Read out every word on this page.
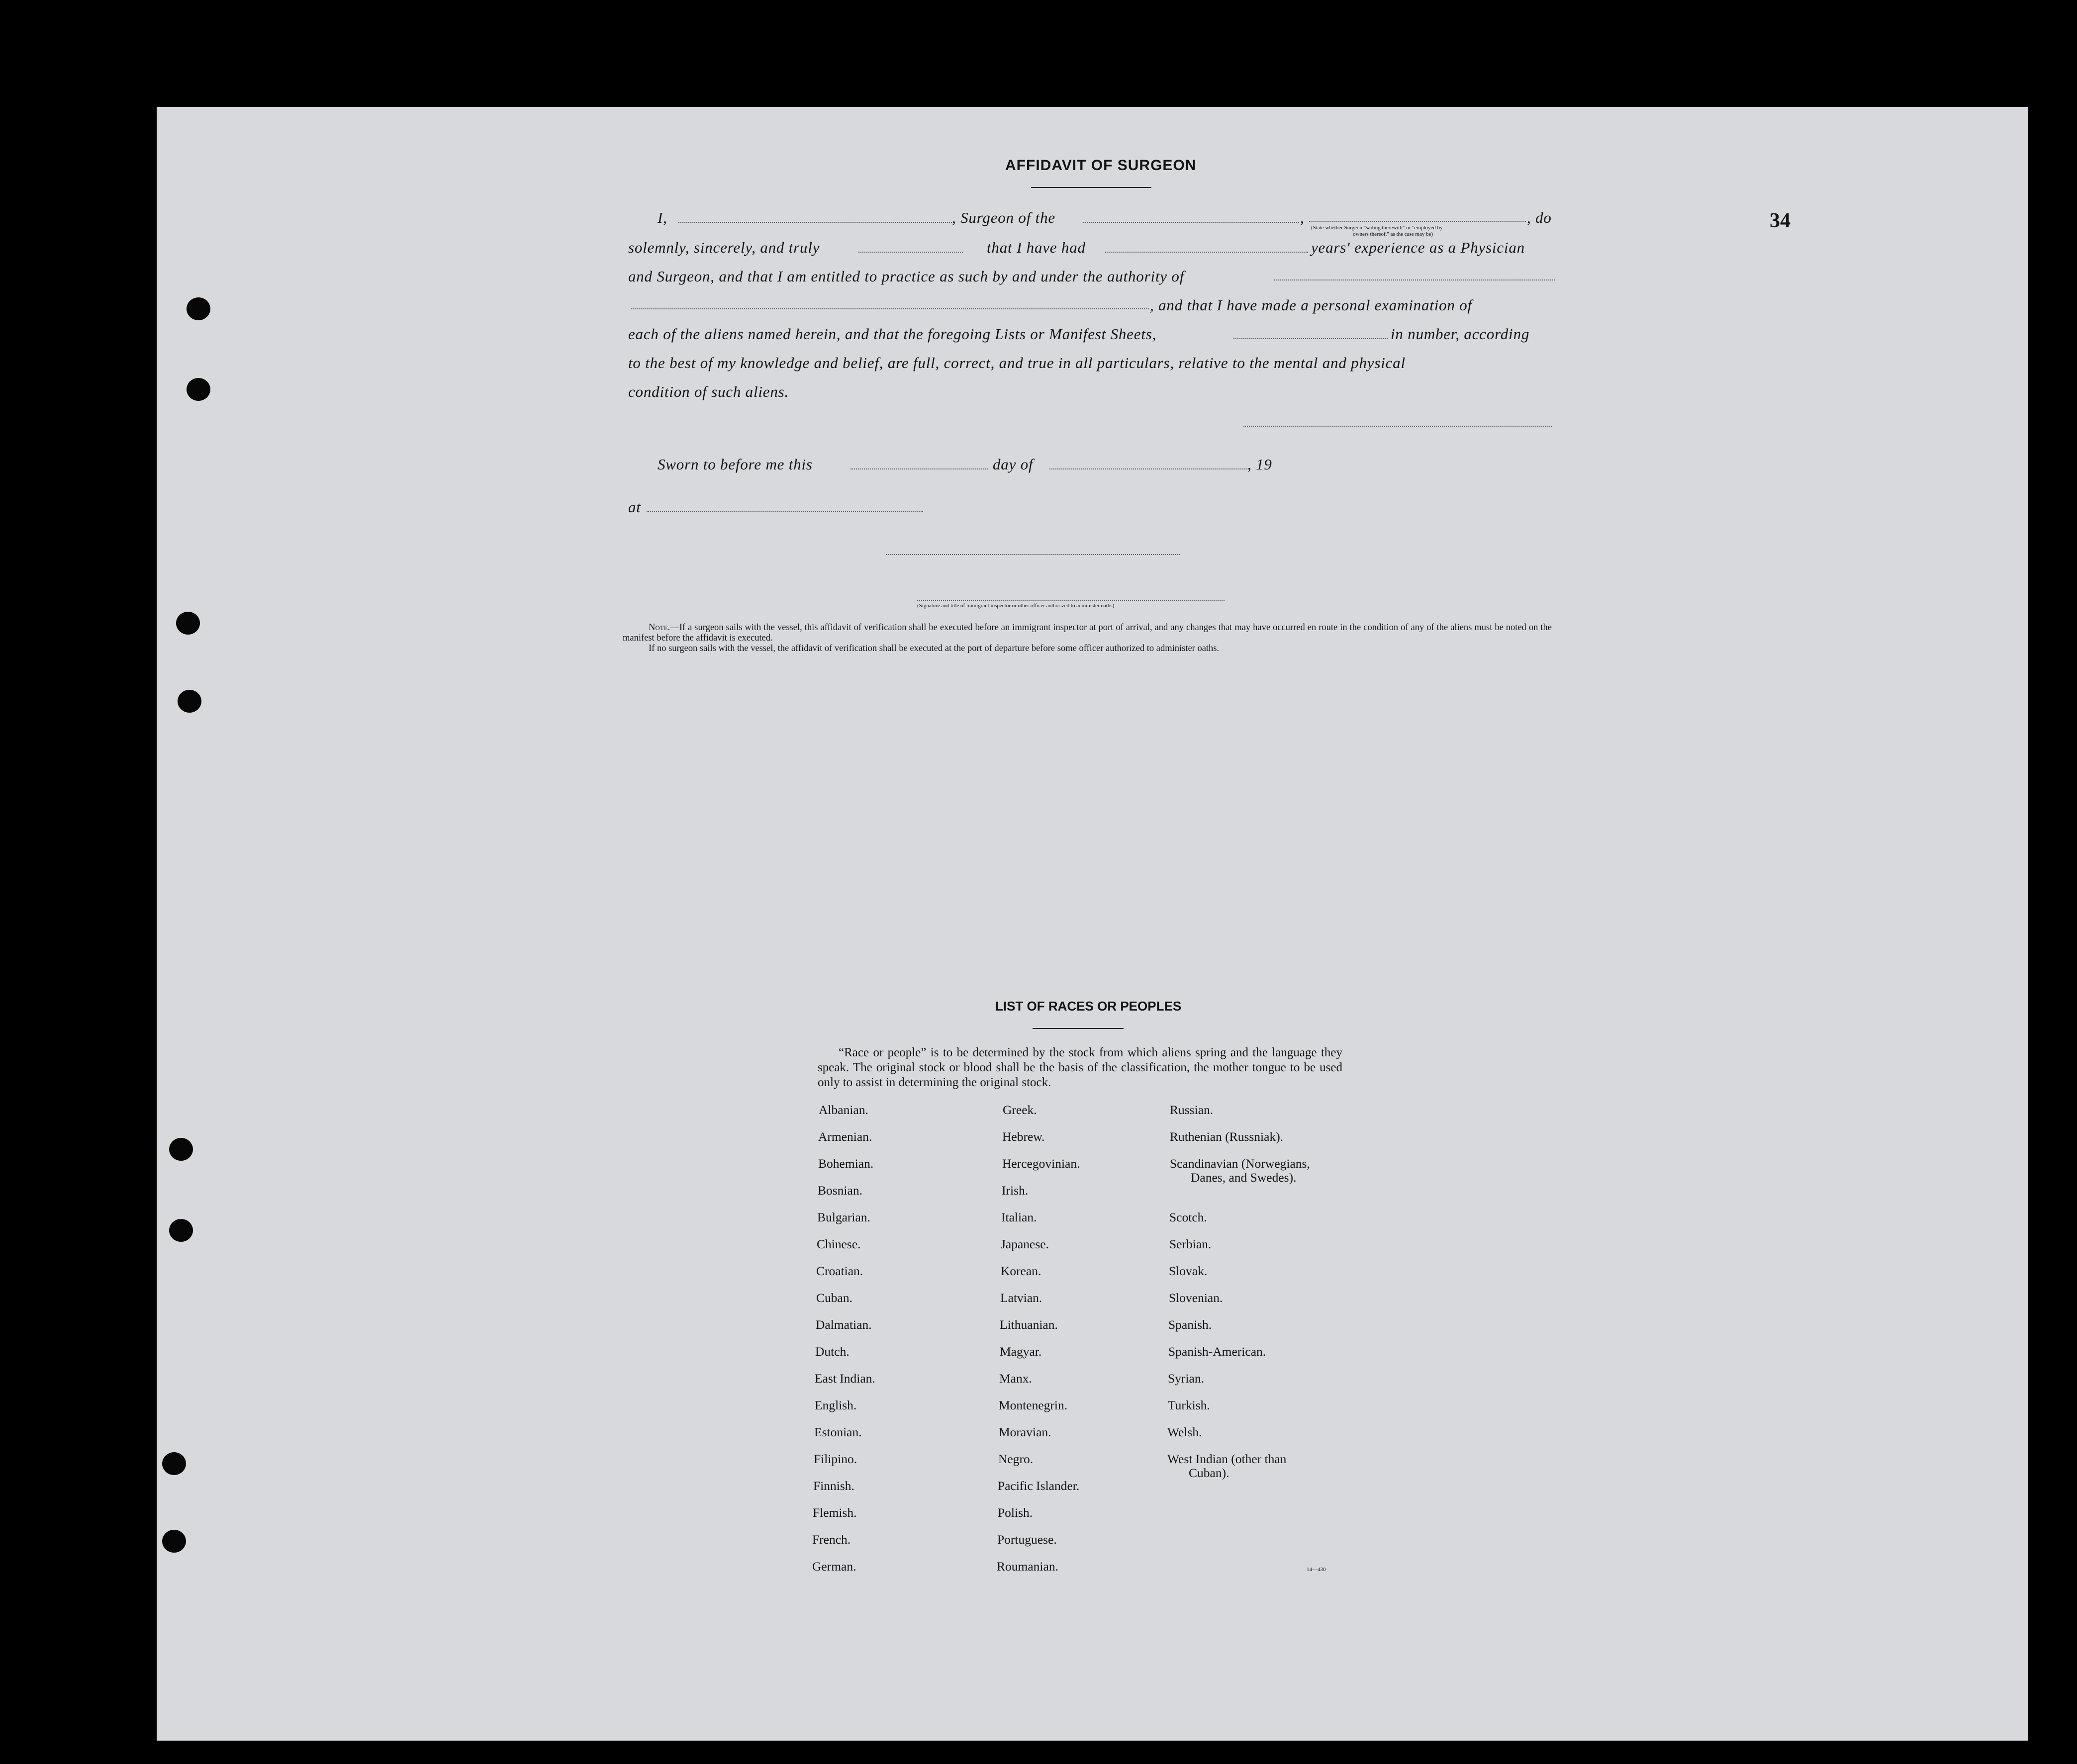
34
AFFIDAVIT OF SURGEON
I,	, Surgeon of the	,	, do
(State whether Surgeon "sailing therewith" or "employed by
owners thereof," as the case may be)
solemnly, sincerely, and truly	that I have had	years' experience as a Physician
and Surgeon, and that I am entitled to practice as such by and under the authority of
, and that I have made a personal examination of
each of the aliens named herein, and that the foregoing Lists or Manifest Sheets,	in number, according
to the best of my knowledge and belief, are full, correct, and true in all particulars, relative to the mental and physical
condition of such aliens.
Sworn to before me this	day of	, 19
at
(Signature and title of immigrant inspector or other officer authorized to administer oaths)

Note.—If a surgeon sails with the vessel, this affidavit of verification shall be executed before an immigrant inspector at port of arrival, and any changes that may have occurred en route in the condition of any of the aliens must be noted on the manifest before the affidavit is executed.

If no surgeon sails with the vessel, the affidavit of verification shall be executed at the port of departure before some officer authorized to administer oaths.

LIST OF RACES OR PEOPLES

“Race or people” is to be determined by the stock from which aliens spring and the language they speak. The original stock or blood shall be the basis of the classification, the mother tongue to be used only to assist in determining the original stock.

Albanian.
Armenian.
Bohemian.
Bosnian.
Bulgarian.
Chinese.
Croatian.
Cuban.
Dalmatian.
Dutch.
East Indian.
English.
Estonian.
Filipino.
Finnish.
Flemish.
French.
German.
Greek.
Hebrew.
Hercegovinian.
Irish.
Italian.
Japanese.
Korean.
Latvian.
Lithuanian.
Magyar.
Manx.
Montenegrin.
Moravian.
Negro.
Pacific Islander.
Polish.
Portuguese.
Roumanian.
Russian.
Ruthenian (Russniak).
Scandinavian (Norwegians,
Danes, and Swedes).
Scotch.
Serbian.
Slovak.
Slovenian.
Spanish.
Spanish-American.
Syrian.
Turkish.
Welsh.
West Indian (other than
Cuban).
14—430
